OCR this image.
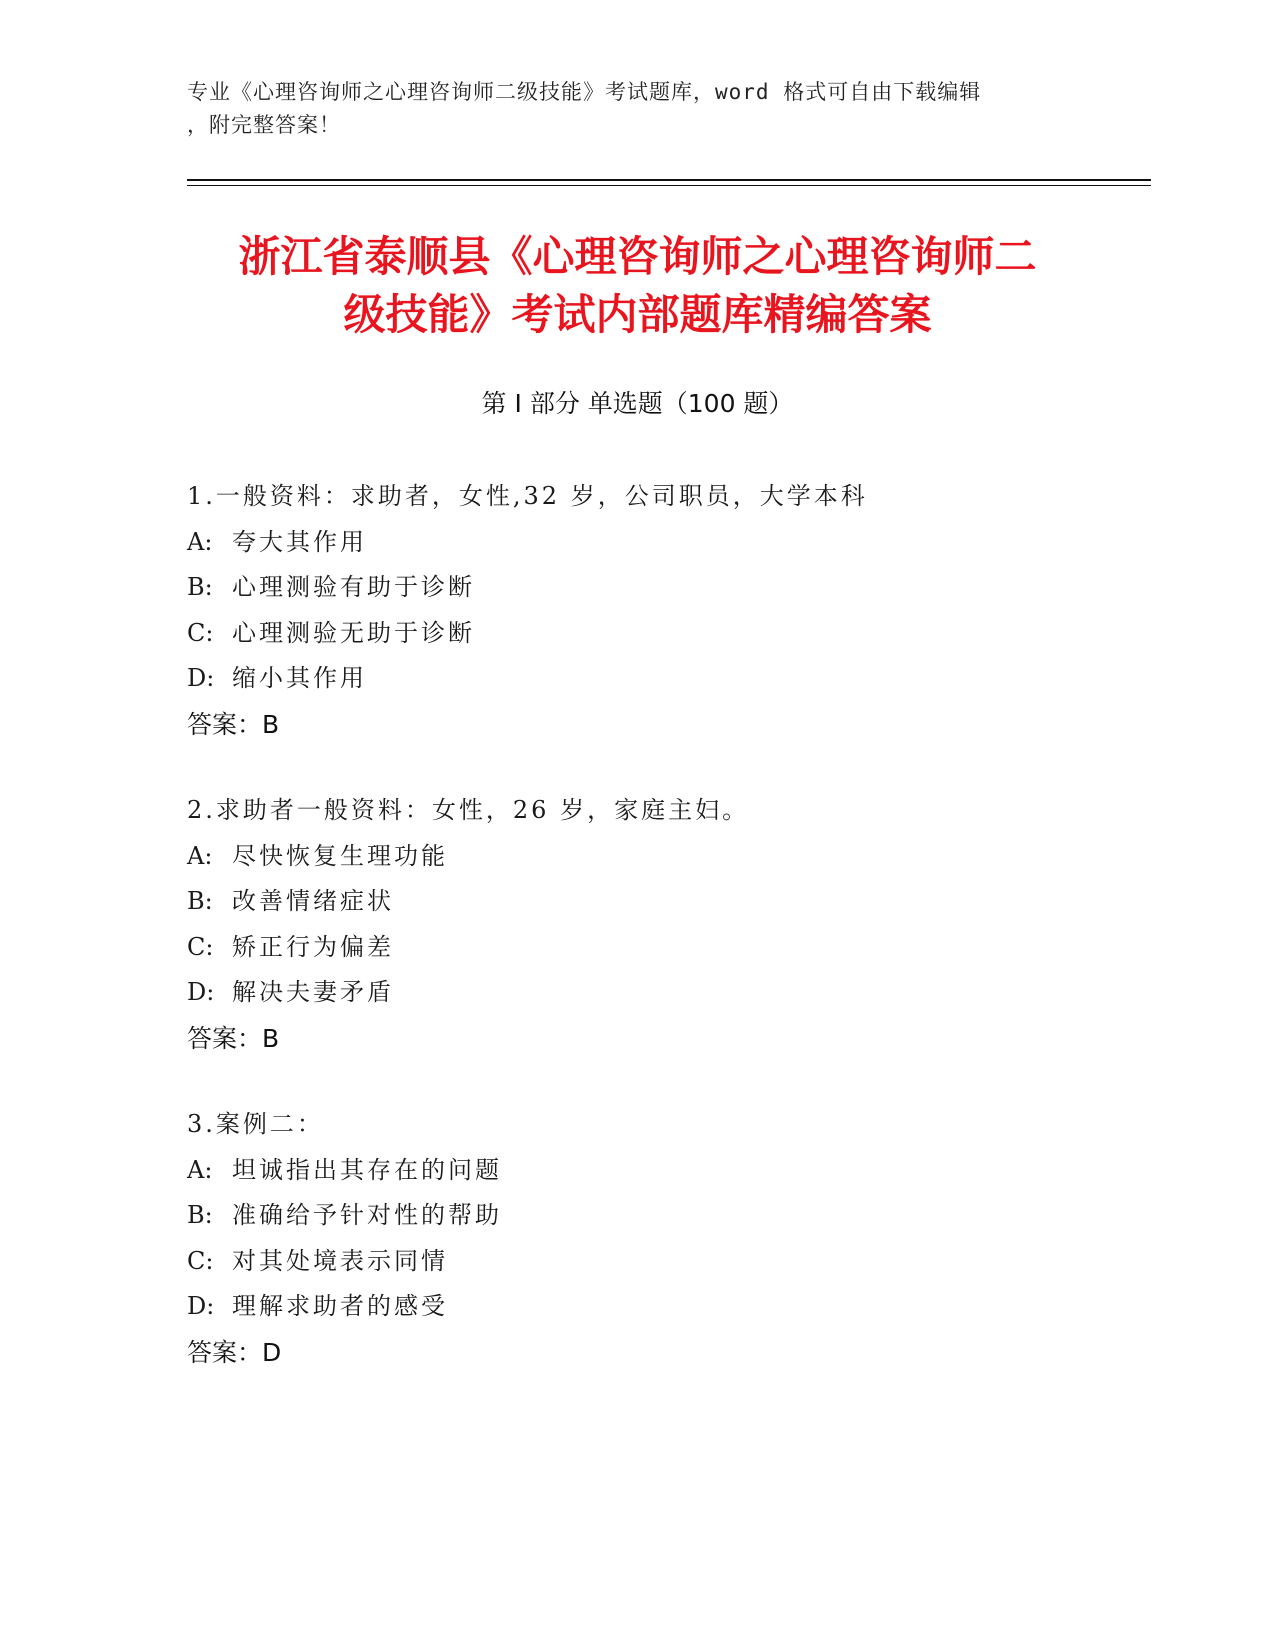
专业《心理咨询师之心理咨询师二级技能》考试题库，word 格式可自由下载编辑
，附完整答案！
浙江省泰顺县《心理咨询师之心理咨询师二
级技能》考试内部题库精编答案
第 I 部分 单选题（100 题）
1.一般资料：求助者，女性,32 岁，公司职员，大学本科
A: 夸大其作用
B: 心理测验有助于诊断
C: 心理测验无助于诊断
D: 缩小其作用
答案：B
2.求助者一般资料：女性，26 岁，家庭主妇。
A: 尽快恢复生理功能
B: 改善情绪症状
C: 矫正行为偏差
D: 解决夫妻矛盾
答案：B
3.案例二：
A: 坦诚指出其存在的问题
B: 准确给予针对性的帮助
C: 对其处境表示同情
D: 理解求助者的感受
答案：D
